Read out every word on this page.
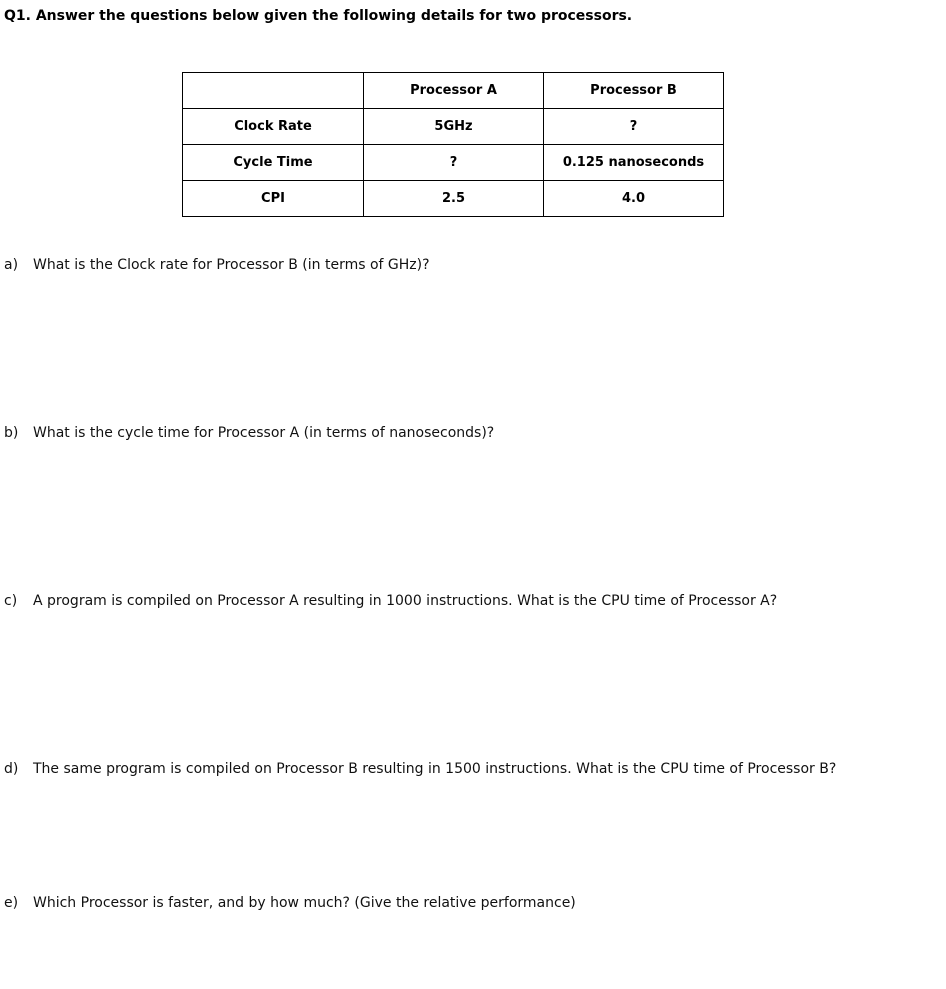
Q1. Answer the questions below given the following details for two processors.
	Processor A	Processor B
Clock Rate	5GHz	?
Cycle Time	?	0.125 nanoseconds
CPI	2.5	4.0
a) What is the Clock rate for Processor B (in terms of GHz)?
b) What is the cycle time for Processor A (in terms of nanoseconds)?
c) A program is compiled on Processor A resulting in 1000 instructions. What is the CPU time of Processor A?
d) The same program is compiled on Processor B resulting in 1500 instructions. What is the CPU time of Processor B?
e) Which Processor is faster, and by how much? (Give the relative performance)
